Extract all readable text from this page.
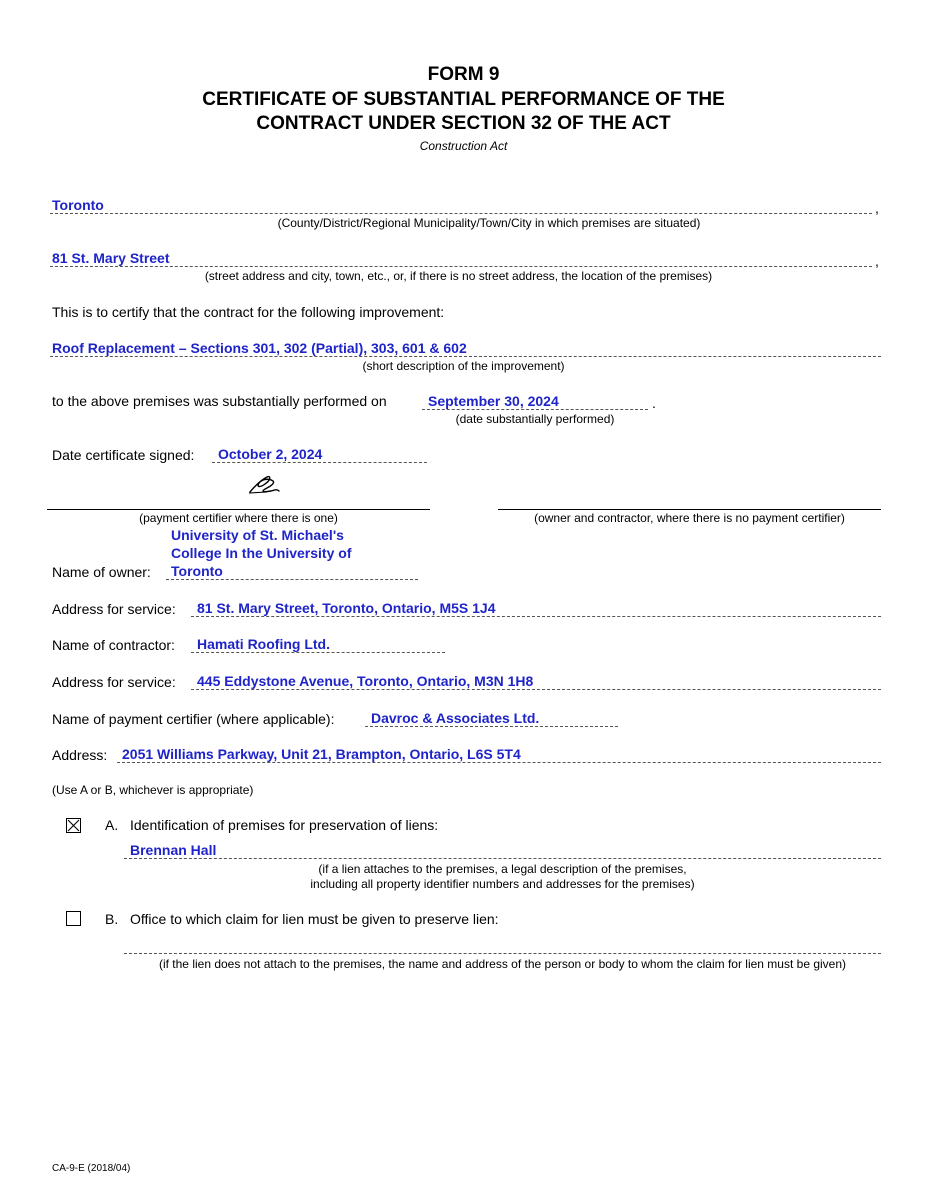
FORM 9
CERTIFICATE OF SUBSTANTIAL PERFORMANCE OF THE
CONTRACT UNDER SECTION 32 OF THE ACT
Construction Act
Toronto	,
(County/District/Regional Municipality/Town/City in which premises are situated)
81 St. Mary Street	,
(street address and city, town, etc., or, if there is no street address, the location of the premises)
This is to certify that the contract for the following improvement:
Roof Replacement – Sections 301, 302 (Partial), 303, 601 & 602
(short description of the improvement)
to the above premises was substantially performed on	September 30, 2024	.
(date substantially performed)
Date certificate signed: October 2, 2024
(payment certifier where there is one)	(owner and contractor, where there is no payment certifier)
University of St. Michael's
College In the University of
Name of owner: Toronto
Address for service: 81 St. Mary Street, Toronto, Ontario, M5S 1J4
Name of contractor: Hamati Roofing Ltd.
Address for service: 445 Eddystone Avenue, Toronto, Ontario, M3N 1H8
Name of payment certifier (where applicable):	Davroc & Associates Ltd.
Address: 2051 Williams Parkway, Unit 21, Brampton, Ontario, L6S 5T4
(Use A or B, whichever is appropriate)
A. Identification of premises for preservation of liens:
Brennan Hall
(if a lien attaches to the premises, a legal description of the premises,
including all property identifier numbers and addresses for the premises)
B. Office to which claim for lien must be given to preserve lien:
(if the lien does not attach to the premises, the name and address of the person or body to whom the claim for lien must be given)
CA-9-E (2018/04)
